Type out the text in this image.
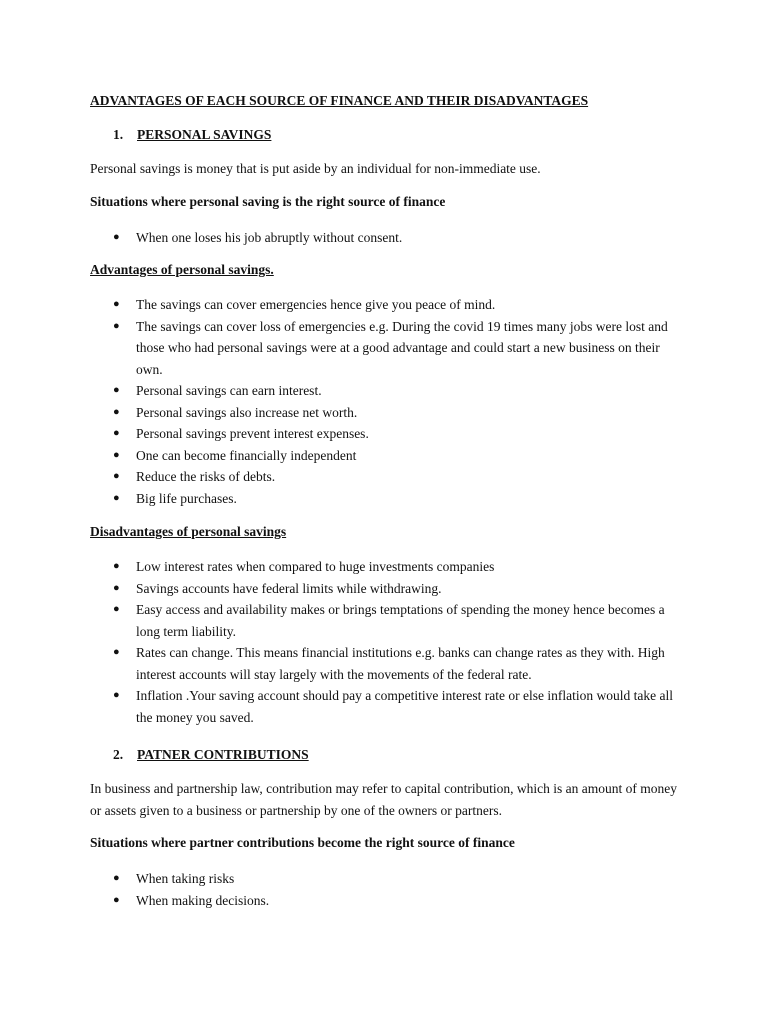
ADVANTAGES OF EACH SOURCE OF FINANCE AND THEIR DISADVANTAGES
1. PERSONAL SAVINGS

Personal savings is money that is put aside by an individual for non-immediate use.

Situations where personal saving is the right source of finance
● When one loses his job abruptly without consent.
Advantages of personal savings.
● The savings can cover emergencies hence give you peace of mind.
● The savings can cover loss of emergencies e.g. During the covid 19 times many jobs were lost and those who had personal savings were at a good advantage and could start a new business on their own.
● Personal savings can earn interest.
● Personal savings also increase net worth.
● Personal savings prevent interest expenses.
● One can become financially independent
● Reduce the risks of debts.
● Big life purchases.
Disadvantages of personal savings
● Low interest rates when compared to huge investments companies
● Savings accounts have federal limits while withdrawing.
● Easy access and availability makes or brings temptations of spending the money hence becomes a long term liability.
● Rates can change. This means financial institutions e.g. banks can change rates as they with. High interest accounts will stay largely with the movements of the federal rate.
● Inflation .Your saving account should pay a competitive interest rate or else inflation would take all the money you saved.
2. PATNER CONTRIBUTIONS

In business and partnership law, contribution may refer to capital contribution, which is an amount of money or assets given to a business or partnership by one of the owners or partners.

Situations where partner contributions become the right source of finance
● When taking risks
● When making decisions.
